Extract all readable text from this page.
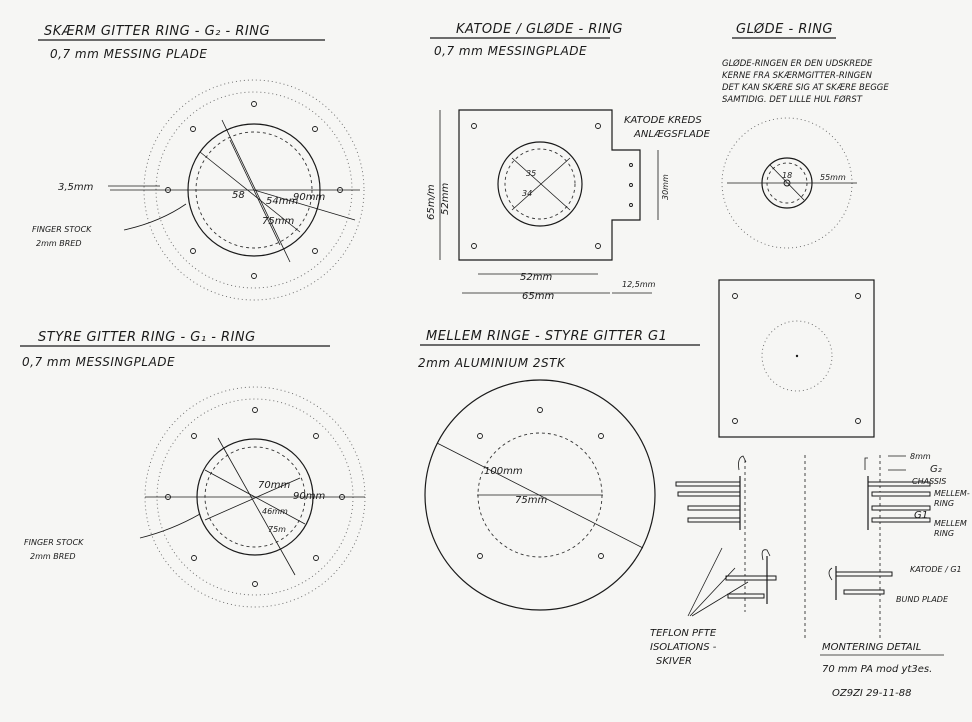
SKÆRM GITTER RING - G₂ - RING
0,7 mm MESSING PLADE
KATODE / GLØDE - RING
0,7 mm MESSINGPLADE
GLØDE - RING
GLØDE-RINGEN ER DEN UDSKREDE
KERNE FRA SKÆRMGITTER-RINGEN
DET KAN SKÆRE SIG AT SKÆRE BEGGE
SAMTIDIG. DET LILLE HUL FØRST
STYRE GITTER RING - G₁ - RING
0,7 mm MESSINGPLADE
MELLEM RINGE - STYRE GITTER G1
2mm ALUMINIUM 2STK
58
54mm
90mm
75mm
3,5mm
FINGER STOCK
2mm BRED
35
34
65m/m 52mm
KATODE KREDS
ANLÆGSFLADE
30mm
52mm
65mm
12,5mm
18	55mm
70mm
90mm
46mm
75m
FINGER STOCK
2mm BRED
100mm
75mm
8mm
G₂
CHASSIS
MELLEM-
RING
G1
MELLEM
RING
KATODE / G1
BUND PLADE
TEFLON PFTE
ISOLATIONS -
SKIVER
MONTERING DETAIL
70 mm PA mod yt3es.
OZ9ZI 29-11-88
